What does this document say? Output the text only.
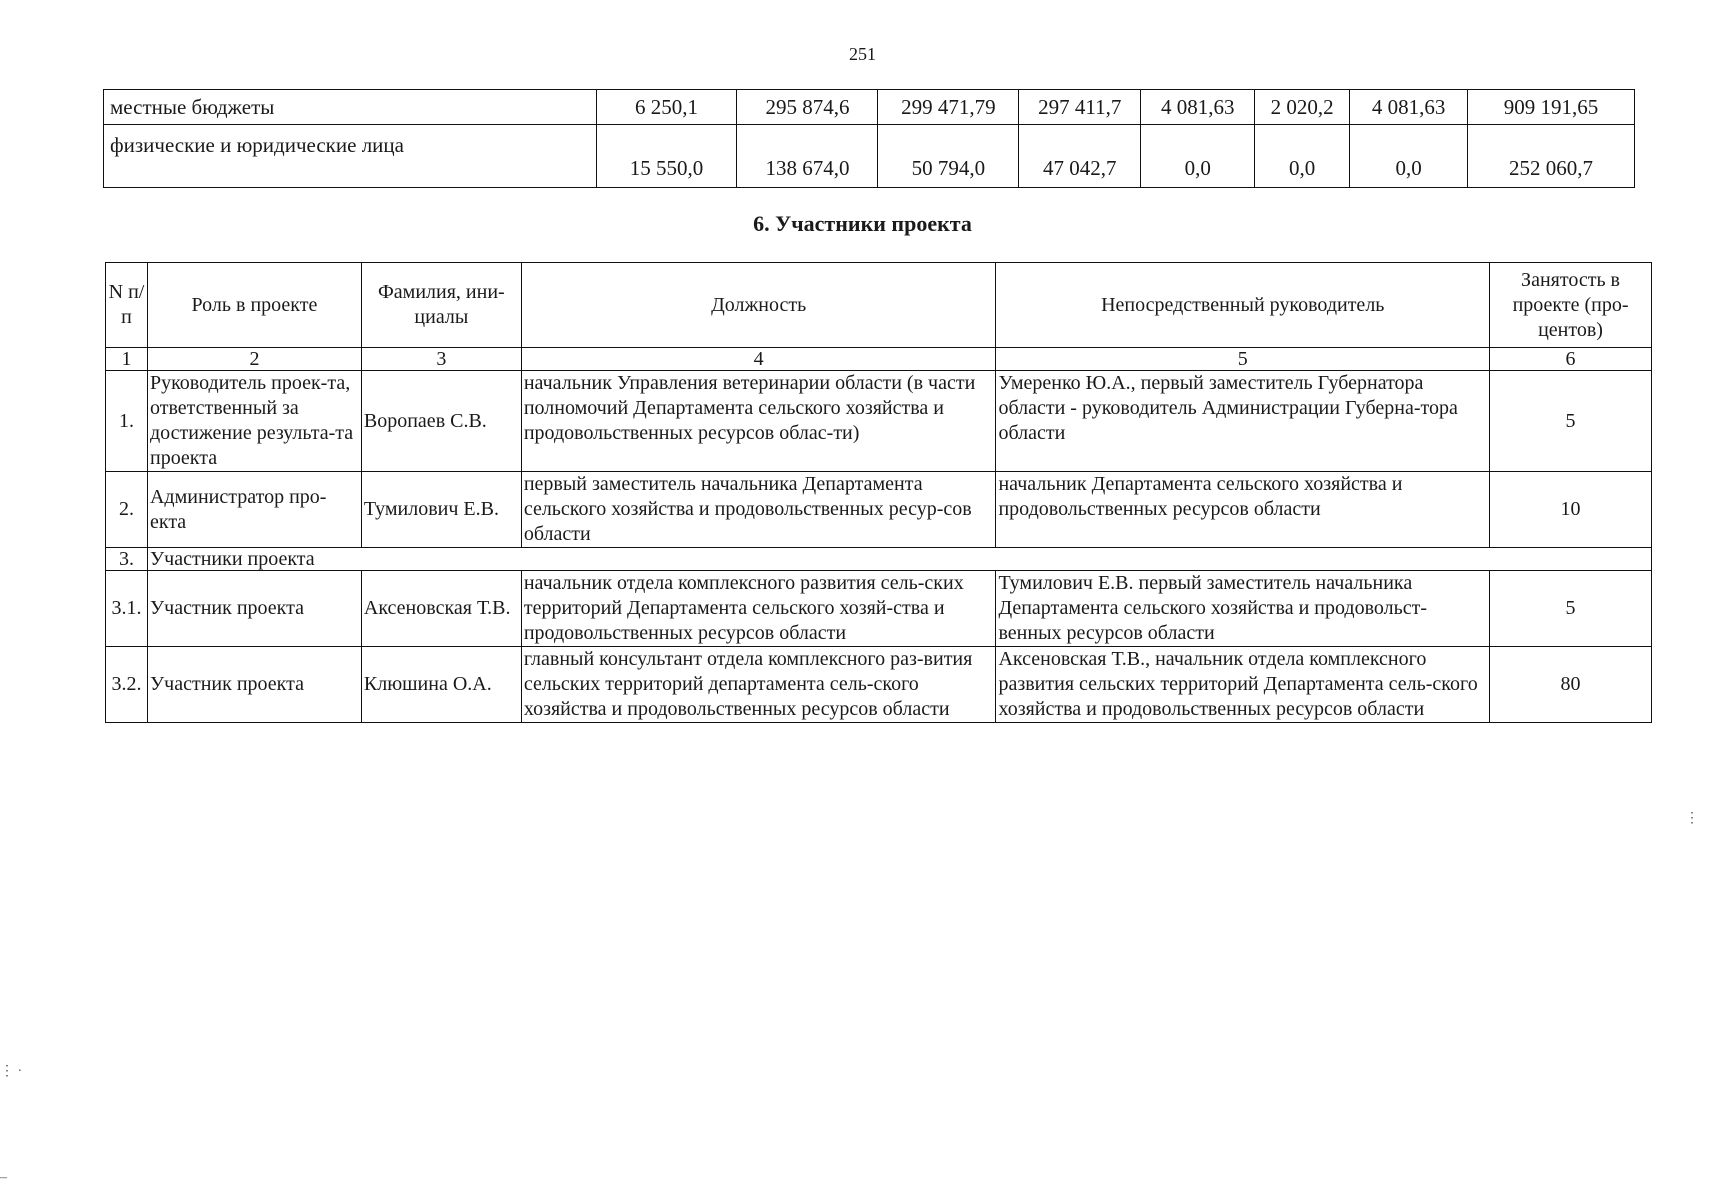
251
местные бюджеты	6 250,1	295 874,6	299 471,79	297 411,7	4 081,63	2 020,2	4 081,63	909 191,65
физические и юридические лица	15 550,0	138 674,0	50 794,0	47 042,7	0,0	0,0	0,0	252 060,7
6. Участники проекта
N п/п	Роль в проекте	Фамилия, ини-циалы	Должность	Непосредственный руководитель	Занятость в проекте (про-центов)
1	2	3	4	5	6
1.	Руководитель проек-та, ответственный за достижение результа-та проекта	Воропаев С.В.	начальник Управления ветеринарии области (в части полномочий Департамента сельского хозяйства и продовольственных ресурсов облас-ти)	Умеренко Ю.А., первый заместитель Губернатора области - руководитель Администрации Губерна-тора области	5
2.	Администратор про-екта	Тумилович Е.В.	первый заместитель начальника Департамента сельского хозяйства и продовольственных ресур-сов области	начальник Департамента сельского хозяйства и продовольственных ресурсов области	10
3.	Участники проекта				
3.1.	Участник проекта	Аксеновская Т.В.	начальник отдела комплексного развития сель-ских территорий Департамента сельского хозяй-ства и продовольственных ресурсов области	Тумилович Е.В. первый заместитель начальника Департамента сельского хозяйства и продовольст-венных ресурсов области	5
3.2.	Участник проекта	Клюшина О.А.	главный консультант отдела комплексного раз-вития сельских территорий департамента сель-ского хозяйства и продовольственных ресурсов области	Аксеновская Т.В., начальник отдела комплексного развития сельских территорий Департамента сель-ского хозяйства и продовольственных ресурсов области	80
⋮ ·
–
⋮
